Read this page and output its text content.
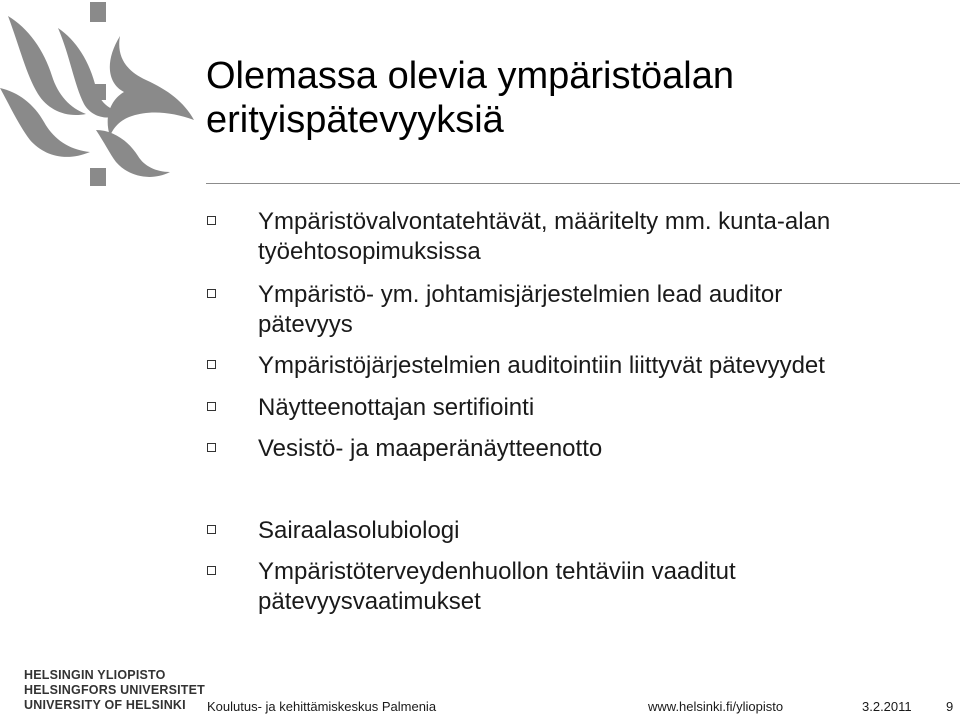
Olemassa olevia ympäristöalan
erityispätevyyksiä
Ympäristövalvontatehtävät, määritelty mm. kunta-alan
työehtosopimuksissa
Ympäristö- ym. johtamisjärjestelmien lead auditor
pätevyys
Ympäristöjärjestelmien auditointiin liittyvät pätevyydet
Näytteenottajan sertifiointi
Vesistö- ja maaperänäytteenotto
Sairaalasolubiologi
Ympäristöterveydenhuollon tehtäviin vaaditut
pätevyysvaatimukset
HELSINGIN YLIOPISTO
HELSINGFORS UNIVERSITET
UNIVERSITY OF HELSINKI	Koulutus- ja kehittämiskeskus Palmenia	www.helsinki.fi/yliopisto	3.2.2011	9
